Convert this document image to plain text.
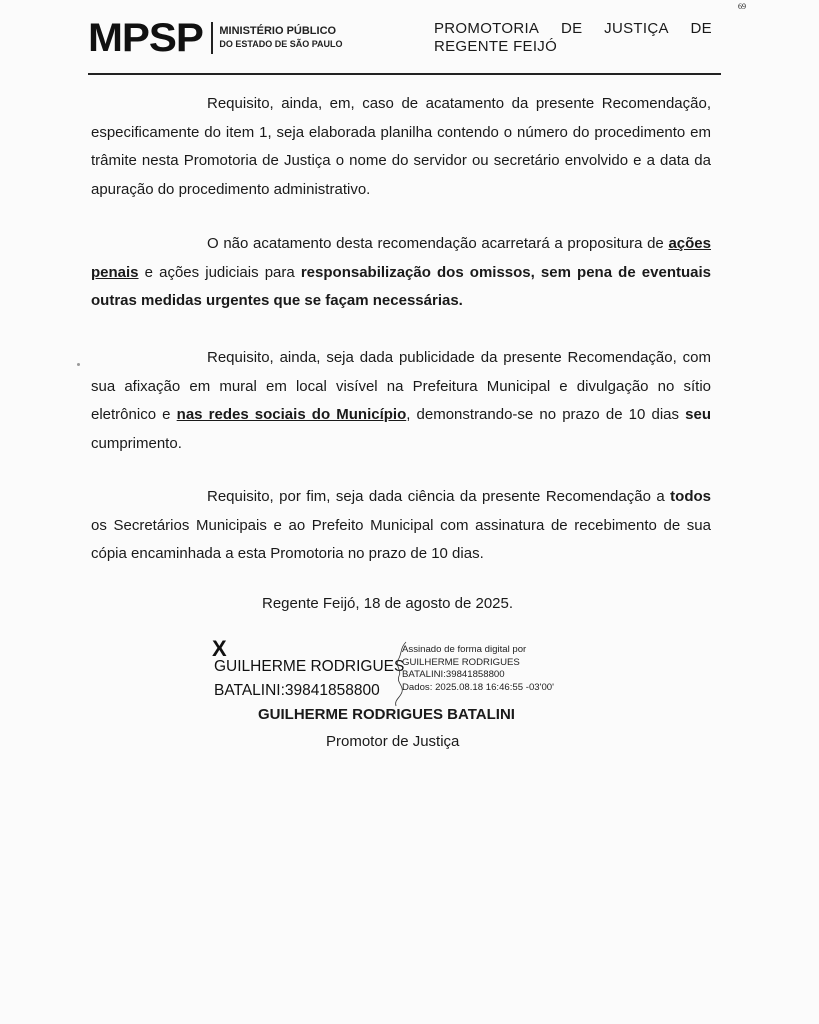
69
MPSP MINISTÉRIO PÚBLICO
DO ESTADO DE SÃO PAULO
PROMOTORIA DE JUSTIÇA DE
REGENTE FEIJÓ

Requisito, ainda, em, caso de acatamento da presente Recomendação, especificamente do item 1, seja elaborada planilha contendo o número do procedimento em trâmite nesta Promotoria de Justiça o nome do servidor ou secretário envolvido e a data da apuração do procedimento administrativo.

O não acatamento desta recomendação acarretará a propositura de ações penais e ações judiciais para responsabilização dos omissos, sem pena de eventuais outras medidas urgentes que se façam necessárias.

Requisito, ainda, seja dada publicidade da presente Recomendação, com sua afixação em mural em local visível na Prefeitura Municipal e divulgação no sítio eletrônico e nas redes sociais do Município, demonstrando-se no prazo de 10 dias seu cumprimento.

Requisito, por fim, seja dada ciência da presente Recomendação a todos os Secretários Municipais e ao Prefeito Municipal com assinatura de recebimento de sua cópia encaminhada a esta Promotoria no prazo de 10 dias.

Regente Feijó, 18 de agosto de 2025.
X
GUILHERME RODRIGUES
BATALINI:39841858800
Assinado de forma digital por
GUILHERME RODRIGUES
BATALINI:39841858800
Dados: 2025.08.18 16:46:55 -03'00'
GUILHERME RODRIGUES BATALINI
Promotor de Justiça
